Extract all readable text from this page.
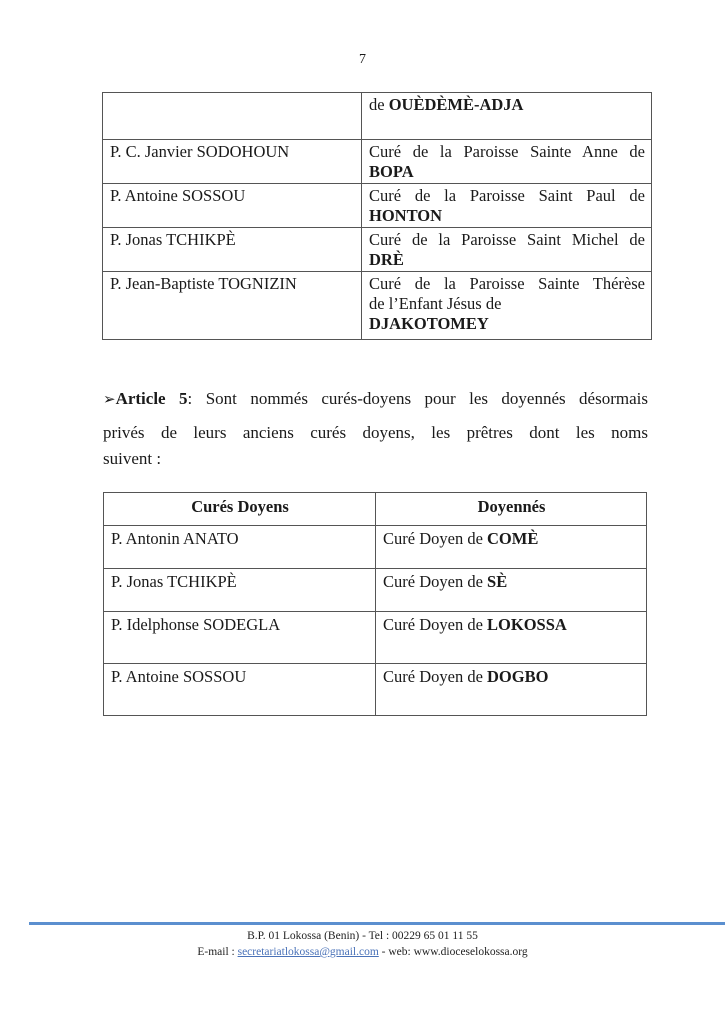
7
	de OUÈDÈMÈ-ADJA
P. C. Janvier SODOHOUN	Curé de la Paroisse Sainte Anne de
BOPA
P. Antoine SOSSOU	Curé de la Paroisse Saint Paul de
HONTON
P. Jonas TCHIKPÈ	Curé de la Paroisse Saint Michel de
DRÈ
P. Jean-Baptiste TOGNIZIN	Curé de la Paroisse Sainte Thérèse
de l’Enfant Jésus de
DJAKOTOMEY
➢Article 5: Sont nommés curés-doyens pour les doyennés désormais
privés de leurs anciens curés doyens, les prêtres dont les noms
suivent :
Curés Doyens	Doyennés
P. Antonin ANATO	Curé Doyen de COMÈ
P. Jonas TCHIKPÈ	Curé Doyen de SÈ
P. Idelphonse SODEGLA	Curé Doyen de LOKOSSA
P. Antoine SOSSOU	Curé Doyen de DOGBO
B.P. 01 Lokossa (Benin) - Tel : 00229 65 01 11 55
E-mail : secretariatlokossa@gmail.com - web: www.dioceselokossa.org
